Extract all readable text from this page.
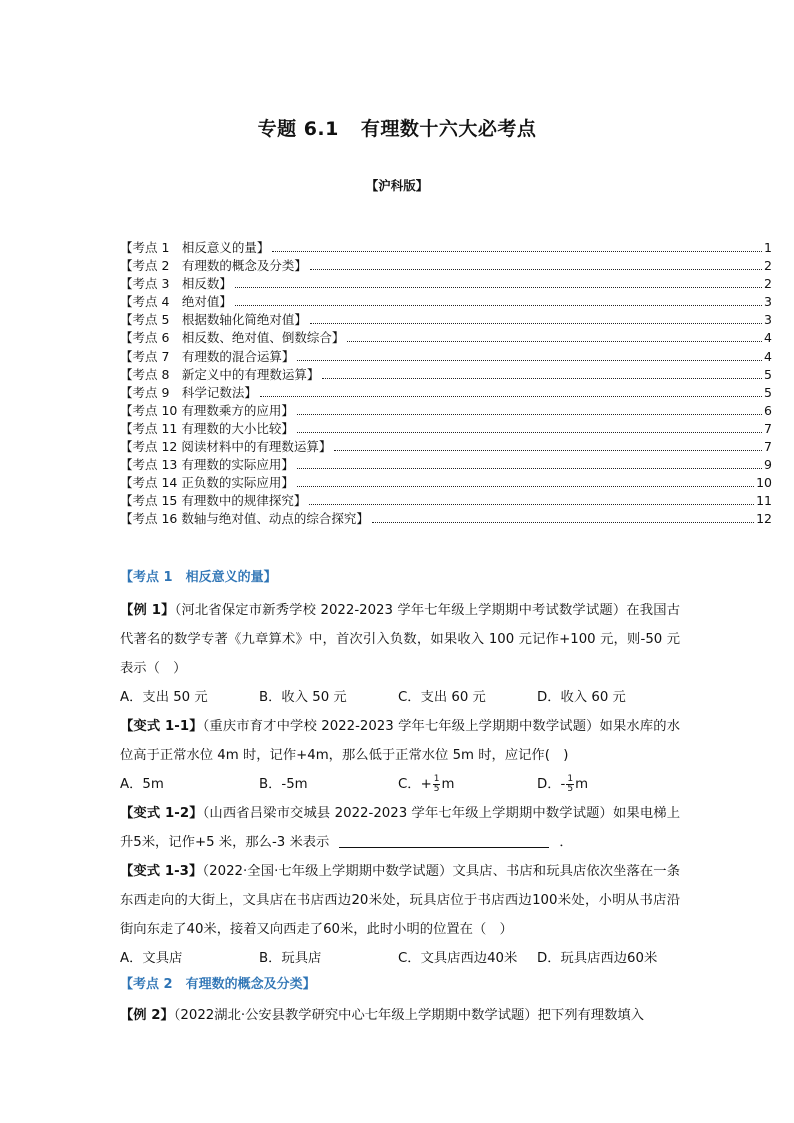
专题 6.1 有理数十六大必考点
【沪科版】
【考点 1　相反意义的量】	1
【考点 2　有理数的概念及分类】	2
【考点 3　相反数】	2
【考点 4　绝对值】	3
【考点 5　根据数轴化简绝对值】	3
【考点 6　相反数、绝对值、倒数综合】	4
【考点 7　有理数的混合运算】	4
【考点 8　新定义中的有理数运算】	5
【考点 9　科学记数法】	5
【考点 10 有理数乘方的应用】	6
【考点 11 有理数的大小比较】	7
【考点 12 阅读材料中的有理数运算】	7
【考点 13 有理数的实际应用】	9
【考点 14 正负数的实际应用】	10
【考点 15 有理数中的规律探究】	11
【考点 16 数轴与绝对值、动点的综合探究】	12
【考点 1　相反意义的量】
【例 1】（河北省保定市新秀学校 2022-2023 学年七年级上学期期中考试数学试题）在我国古代著名的数学专著《九章算术》中，首次引入负数，如果收入 100 元记作+100 元，则-50 元表示（　）
A．支出 50 元	B．收入 50 元	C．支出 60 元	D．收入 60 元
【变式 1-1】（重庆市育才中学校 2022-2023 学年七年级上学期期中数学试题）如果水库的水位高于正常水位 4m 时，记作+4m，那么低于正常水位 5m 时，应记作(　)
A．5m	B．-5m	C．+ $\frac{1}{5}$ m	D．- $\frac{1}{5}$ m
【变式 1-2】（山西省吕梁市交城县 2022-2023 学年七年级上学期期中数学试题）如果电梯上升5米，记作+5 米，那么-3 米表示	．
【变式 1-3】（2022·全国·七年级上学期期中数学试题）文具店、书店和玩具店依次坐落在一条东西走向的大街上，文具店在书店西边20米处，玩具店位于书店西边100米处，小明从书店沿街向东走了40米，接着又向西走了60米，此时小明的位置在（　）
A．文具店	B．玩具店	C．文具店西边40米	D．玩具店西边60米
【考点 2　有理数的概念及分类】
【例 2】（2022湖北·公安县教学研究中心七年级上学期期中数学试题）把下列有理数填入
